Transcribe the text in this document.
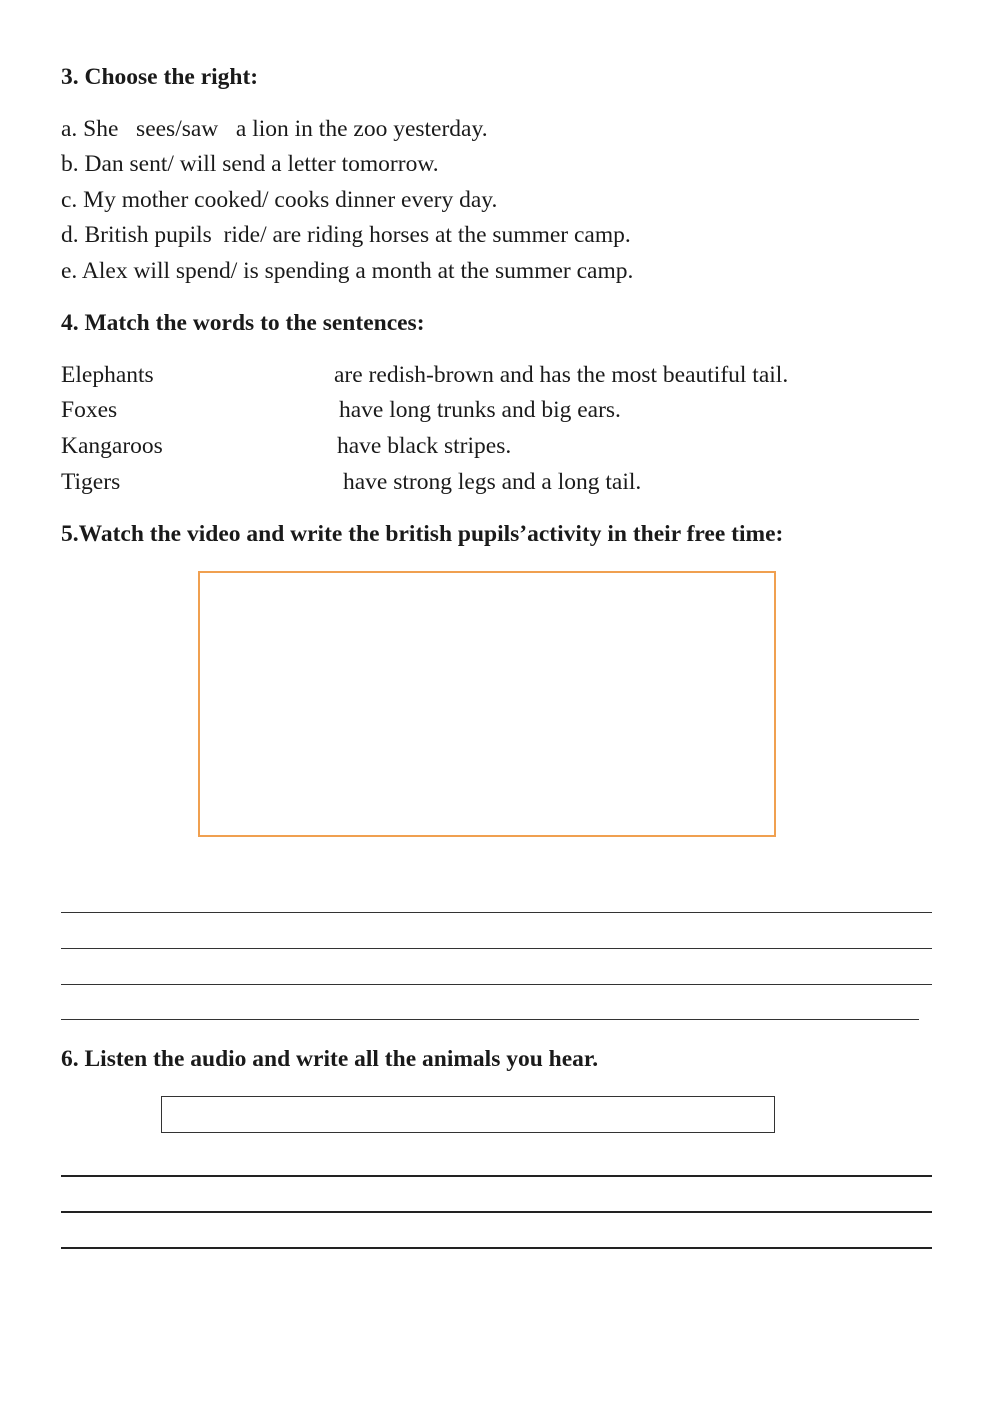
3. Choose the right:
a. She   sees/saw   a lion in the zoo yesterday.
b. Dan sent/ will send a letter tomorrow.
c. My mother cooked/ cooks dinner every day.
d. British pupils  ride/ are riding horses at the summer camp.
e. Alex will spend/ is spending a month at the summer camp.
4. Match the words to the sentences:
Elephants	are redish-brown and has the most beautiful tail.
Foxes	have long trunks and big ears.
Kangaroos	have black stripes.
Tigers	have strong legs and a long tail.
5.Watch the video and write the british pupils’activity in their free time:
6. Listen the audio and write all the animals you hear.
